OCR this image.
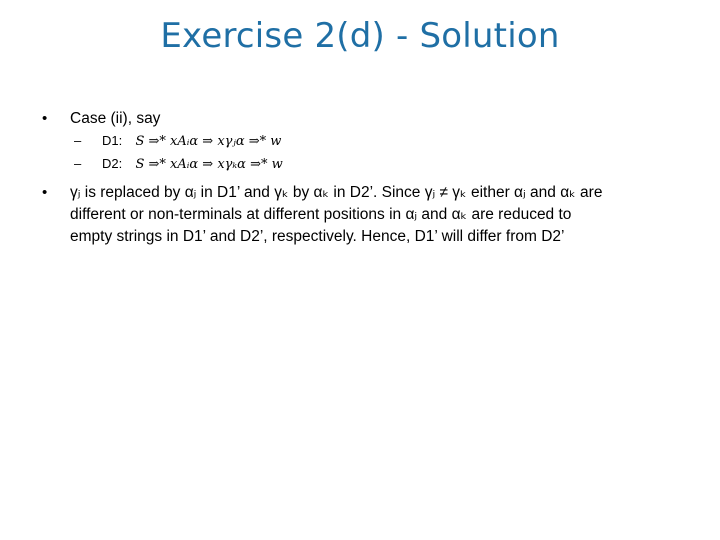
Exercise 2(d) - Solution
• Case (ii), say
– D1: S ⇒* xAᵢα ⇒ xγⱼα ⇒* w
– D2: S ⇒* xAᵢα ⇒ xγₖα ⇒* w
• γⱼ is replaced by αⱼ in D1’ and γₖ by αₖ in D2’. Since γⱼ ≠ γₖ either αⱼ and αₖ are
different or non-terminals at different positions in αⱼ and αₖ are reduced to
empty strings in D1’ and D2’, respectively. Hence, D1’ will differ from D2’
